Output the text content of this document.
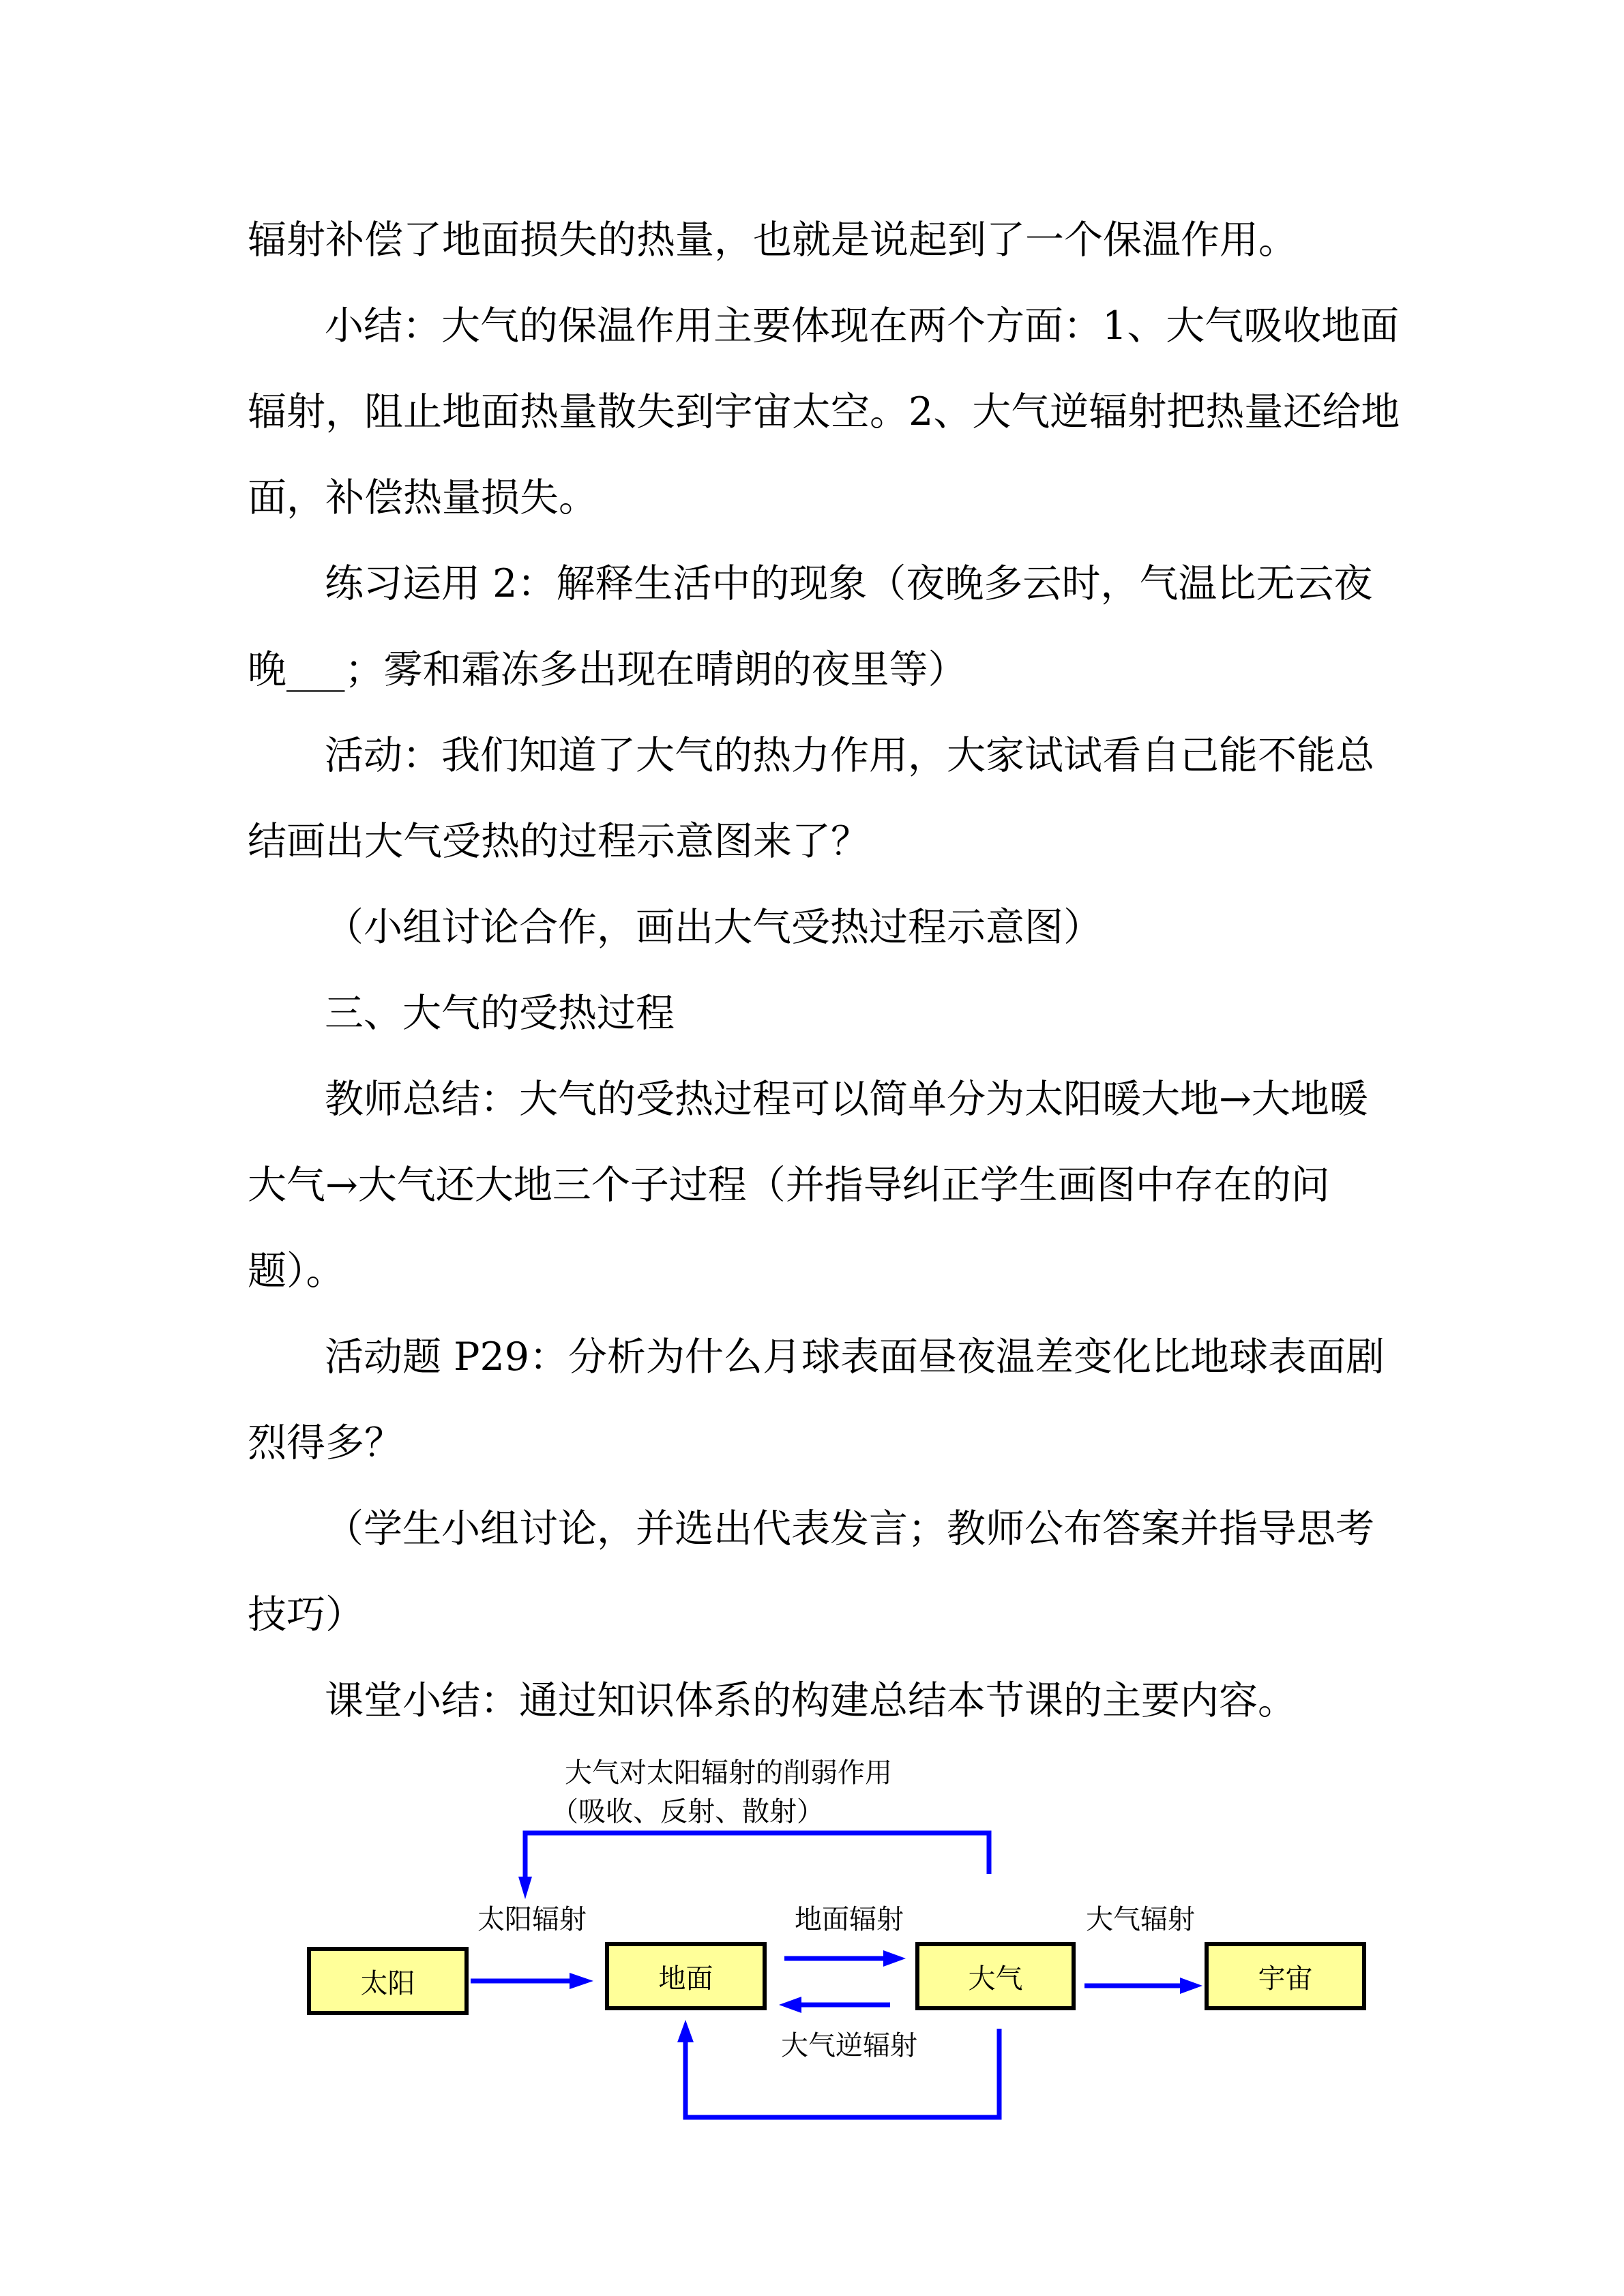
辐射补偿了地面损失的热量，也就是说起到了一个保温作用。
小结：大气的保温作用主要体现在两个方面：1、大气吸收地面
辐射，阻止地面热量散失到宇宙太空。2、大气逆辐射把热量还给地
面，补偿热量损失。
练习运用 2：解释生活中的现象（夜晚多云时，气温比无云夜
晚___；雾和霜冻多出现在晴朗的夜里等）
活动：我们知道了大气的热力作用，大家试试看自己能不能总
结画出大气受热的过程示意图来了？
（小组讨论合作，画出大气受热过程示意图）
三、大气的受热过程
教师总结：大气的受热过程可以简单分为太阳暖大地→大地暖
大气→大气还大地三个子过程（并指导纠正学生画图中存在的问
题）。
活动题 P29：分析为什么月球表面昼夜温差变化比地球表面剧
烈得多？
（学生小组讨论，并选出代表发言；教师公布答案并指导思考
技巧）
课堂小结：通过知识体系的构建总结本节课的主要内容。
太阳	地面	大气	宇宙
大气对太阳辐射的削弱作用
（吸收、反射、散射）
太阳辐射	地面辐射	大气辐射
大气逆辐射
